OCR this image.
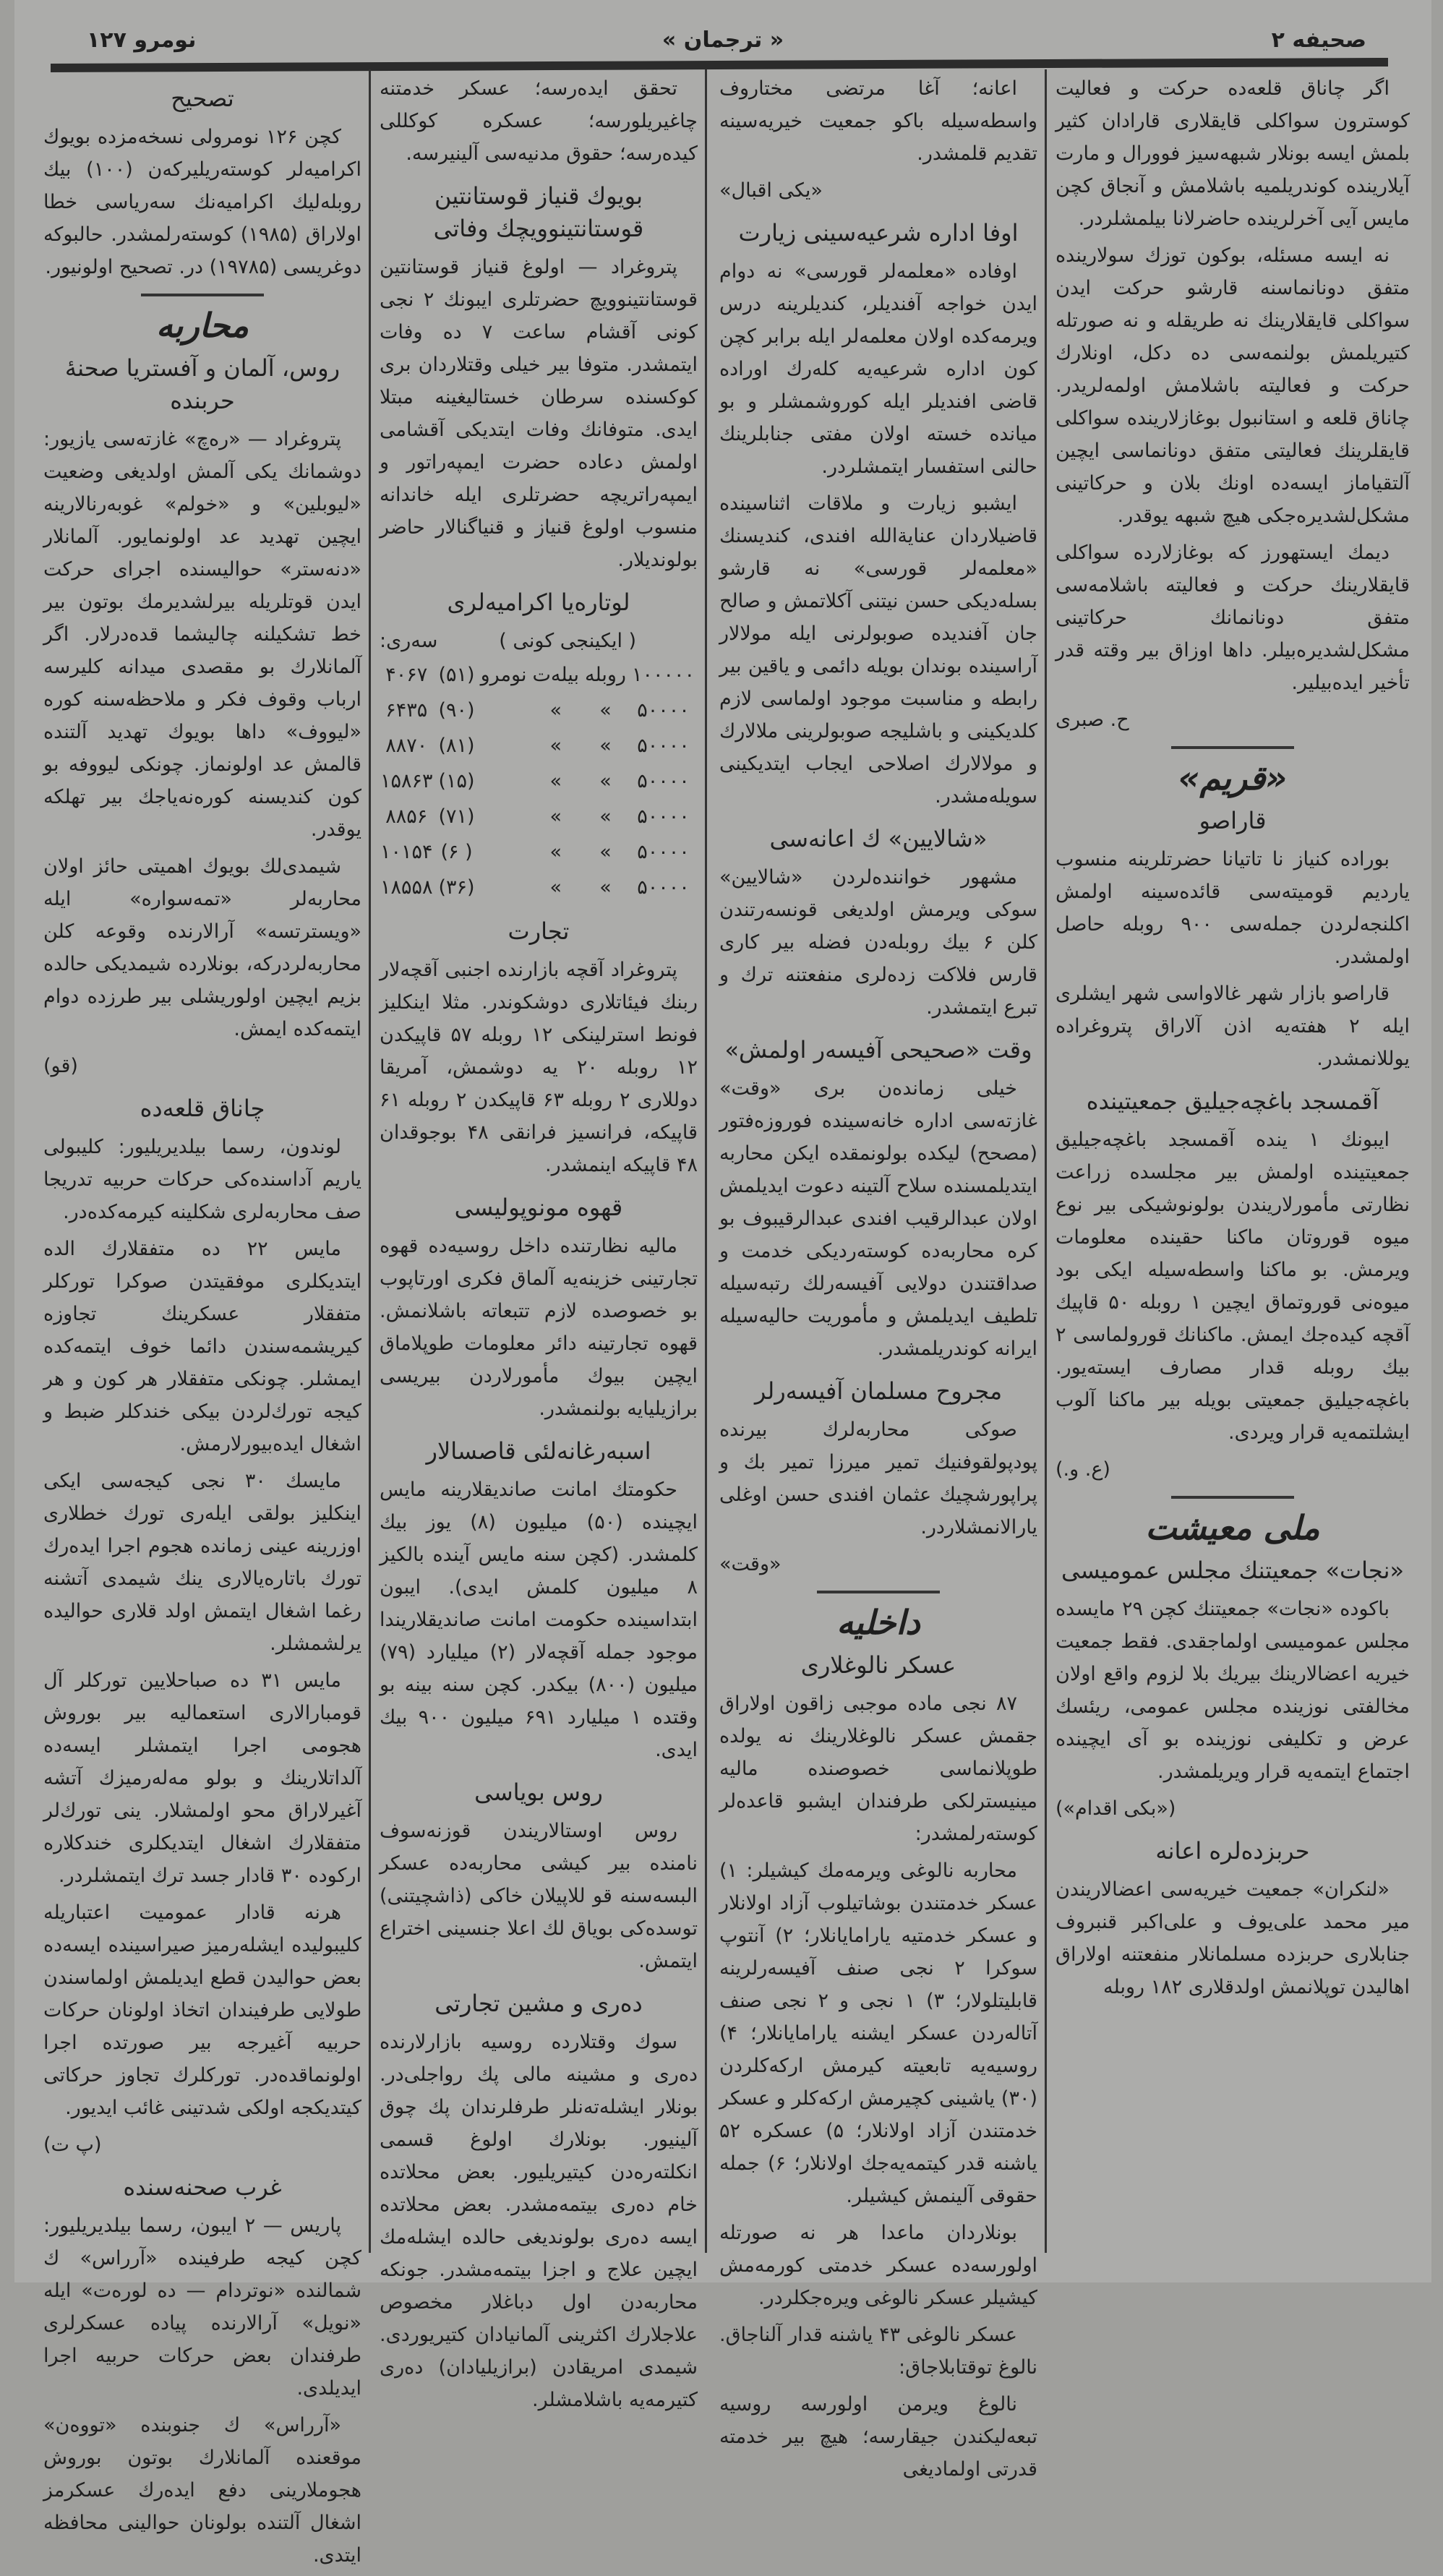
صحیفه ۲
« ترجمان »
نومرو ۱۲۷

اگر چاناق قلعه‌ده حرکت و فعالیت کوسترون سواکلی قایقلاری قارادان کثیر بلمش ایسه بونلار شبهه‌سیز فوورال و مارت آیلارینده کوندریلمیه باشلامش و آنجاق کچن مایس آیی آخرلرینده حاضرلانا بیلمشلردر.

نه ایسه مسئله، بوکون توزك سولارینده متفق دونانماسنه قارشو حرکت ایدن سواکلی قایقلارینك نه طریقله و نه صورتله کتیریلمش بولنمه‌سی ده دکل، اونلارك حرکت و فعالیته باشلامش اولمه‌لریدر. چاناق قلعه و استانبول بوغازلارینده سواکلی قایقلرینك فعالیتی متفق دونانماسی ایچین آلتقیاماز ایسه‌ده اونك بلان و حرکاتینی مشکل‌لشدیره‌جکی هیچ شبهه یوقدر.

دیمك ایستهورز که بوغازلارده سواکلی قایقلارینك حرکت و فعالیته باشلامه‌سی متفق دونانمانك حرکاتینی مشکل‌لشدیره‌بیلر. داها اوزاق بیر وقته قدر تأخیر ایده‌بیلیر.

ح. صبری
«قریم»
قاراصو

بوراده کنیاز نا تاتیانا حضرتلرینه منسوب یاردیم قومیته‌سی قائده‌سینه اولمش اکلنجه‌لردن جمله‌سی ۹۰۰ روبله حاصل اولمشدر.

قاراصو بازار شهر غالاواسی شهر ایشلری ایله ۲ هفته‌یه اذن آلاراق پتروغراده یوللانمشدر.

آقمسجد باغچه‌جیلیق جمعیتینده

ایبونك ۱ ینده آقمسجد باغچه‌جیلیق جمعیتینده اولمش بیر مجلسده زراعت نظارتی مأمورلاریندن بولونوشیکی بیر نوع میوه قوروتان ماکنا حقینده معلومات ویرمش. بو ماکنا واسطه‌سیله ایکی بود میوه‌نی قوروتماق ایچین ۱ روبله ۵۰ قاپیك آقچه کیده‌جك ایمش. ماکنانك قورولماسی ۲ بیك روبله قدار مصارف ایسته‌یور. باغچه‌جیلیق جمعیتی بویله بیر ماکنا آلوب ایشلتمه‌یه قرار ویردی.

(ع. و.)
ملی معیشت
«نجات» جمعیتنك مجلس عمومیسی

باکوده «نجات» جمعیتنك کچن ۲۹ مایسده مجلس عمومیسی اولماجقدی. فقط جمعیت خیریه اعضالارینك بیریك بلا لزوم واقع اولان مخالفتی نوزینده مجلس عمومی، ریئسك عرض و تکلیفی نوزینده بو آی ایچینده اجتماع ایتمه‌یه قرار ویریلمشدر.

(«بکی اقدام»)
حربزده‌لره اعانه

«لنکران» جمعیت خیریه‌سی اعضالاریندن میر محمد علی‌یوف و علی‌اکبر قنبروف جنابلاری حربزده مسلمانلار منفعتنه اولاراق اهالیدن توپلانمش اولدقلاری ۱۸۲ روبله

اعانه؛ آغا مرتضی مختاروف واسطه‌سیله باکو جمعیت خیریه‌سینه تقدیم قلمشدر.

«یکی اقبال»
اوفا اداره شرعیه‌سینی زیارت

اوفاده «معلمه‌لر قورسی» نه دوام ایدن خواجه آفندیلر، کندیلرینه درس ویرمه‌کده اولان معلمه‌لر ایله برابر کچن کون اداره شرعیه‌یه کله‌رك اوراده قاضی افندیلر ایله کوروشمشلر و بو میانده خسته اولان مفتی جنابلرینك حالنی استفسار ایتمشلردر.

ایشبو زیارت و ملاقات اثناسینده قاضیلاردان عنایةالله افندی، کندیسنك «معلمه‌لر قورسی» نه قارشو بسله‌دیکی حسن نیتنی آکلاتمش و صالح جان آفندیده صوبولرنی ایله مولالار آراسینده بوندان بویله دائمی و یاقین بیر رابطه و مناسبت موجود اولماسی لازم کلدیکینی و باشلیجه صوبولرینی ملالارك و مولالارك اصلاحی ایجاب ایتدیکینی سویله‌مشدر.

«شالایین» ك اعانه‌سی

مشهور خواننده‌لردن «شالایین» سوکی ویرمش اولدیغی قونسه‌رتندن کلن ۶ بیك روبله‌دن فضله بیر کاری قارس فلاکت زده‌لری منفعتنه ترك و تبرع ایتمشدر.

وقت «صحیحی آفیسه‌ر اولمش»

خیلی زمانده‌ن بری «وقت» غازته‌سی اداره خانه‌سینده فوروزه‌فتور (مصحح) لیکده بولونمقده ایکن محاربه ایتدیلمسنده سلاح آلتینه دعوت ایدیلمش اولان عبدالرقیب افندی عبدالرقیبوف بو کره محاربه‌ده کوسته‌ردیکی خدمت و صداقتندن دولایی آفیسه‌رلك رتبه‌سیله تلطیف ایدیلمش و مأموریت حالیه‌سیله ایرانه کوندریلمشدر.

مجروح مسلمان آفیسه‌رلر

صوکی محاربه‌لرك بیرنده پودپولقوفنیك تمیر میرزا تمیر بك و پراپورشچیك عثمان افندی حسن اوغلی یارالانمشلاردر.

«وقت»
داخلیه
عسکر نالوغلاری

۸۷ نجی ماده موجبی زاقون اولاراق جقمش عسکر نالوغلارینك نه یولده طوپلانماسی خصوصنده مالیه مینیسترلکی طرفندان ایشبو قاعده‌لر کوسته‌رلمشدر:

محاربه نالوغی ویرمه‌مك کیشیلر: ۱) عسکر خدمتندن بوشاتیلوب آزاد اولانلار و عسکر خدمتیه یارامایانلار؛ ۲) آنتوپ سوکرا ۲ نجی صنف آفیسه‌رلرینه قابلیتلولار؛ ۳) ۱ نجی و ۲ نجی صنف آتاله‌ردن عسکر ایشنه یارامایانلار؛ ۴) روسیه‌یه تابعیته کیرمش ارکه‌کلردن (۳۰) یاشینی کچیرمش ارکه‌کلر و عسکر خدمتندن آزاد اولانلار؛ ۵) عسکره ۵۲ یاشنه قدر کیتمه‌یه‌جك اولانلار؛ ۶) جمله حقوقی آلینمش کیشیلر.

بونلاردان ماعدا هر نه صورتله اولورسه‌ده عسکر خدمتی کورمه‌مش کیشیلر عسکر نالوغی ویره‌جکلردر.

عسکر نالوغی ۴۳ یاشنه قدار آلناجاق. نالوغ توقتابلاجاق:

نالوغ ویرمن اولورسه روسیه تبعه‌لیکندن جیقارسه؛ هیچ بیر خدمته قدرتی اولمادیغی

تحقق ایده‌رسه؛ عسکر خدمتنه چاغیریلورسه؛ عسکره کوکللی کیده‌رسه؛ حقوق مدنیه‌سی آلینیرسه.

بویوك قنیاز قوستانتین قوستانتینوویچك وفاتی

پتروغراد — اولوغ قنیاز قوستانتین قوستانتینوویچ حضرتلری ایبونك ۲ نجی کونی آقشام ساعت ۷ ده وفات ایتمشدر. متوفا بیر خیلی وقتلاردان بری کوکسنده سرطان خستالیغینه مبتلا ایدی. متوفانك وفات ایتدیکی آقشامی اولمش دعاده حضرت ایمپه‌راتور و ایمپه‌راتریچه حضرتلری ایله خاندانه منسوب اولوغ قنیاز و قنیاگنالار حاضر بولوندیلار.

لوتاره‌یا اکرامیه‌لری
( ایکینجی کونی )
سه‌ری:
۱۰۰۰۰۰	روبله	بیله‌ت	نومرو	(۵۱)	۴۰۶۷
۵۰۰۰۰	»	»		(۹۰)	۶۴۳۵
۵۰۰۰۰	»	»		(۸۱)	۸۸۷۰
۵۰۰۰۰	»	»		(۱۵)	۱۵۸۶۳
۵۰۰۰۰	»	»		(۷۱)	۸۸۵۶
۵۰۰۰۰	»	»		( ۶)	۱۰۱۵۴
۵۰۰۰۰	»	»		(۳۶)	۱۸۵۵۸
تجارت

پتروغراد آقچه بازارنده اجنبی آقچه‌لار ربنك فیئاتلاری دوشکوندر. مثلا اینکلیز فونط استرلینکی ۱۲ روبله ۵۷ قاپیکدن ۱۲ روبله ۲۰ یه دوشمش، آمریقا دوللاری ۲ روبله ۶۳ قاپیکدن ۲ روبله ۶۱ قاپیکه، فرانسیز فرانقی ۴۸ بوجوقدان ۴۸ قاپیکه اینمشدر.

قهوه مونوپولیسی

مالیه نظارتنده داخل روسیه‌ده قهوه تجارتینی خزینه‌یه آلماق فکری اورتاپوب بو خصوصده لازم تتبعاته باشلانمش. قهوه تجارتینه دائر معلومات طوپلاماق ایچین بیوك مأمورلاردن بیریسی برازیلیایه بولنمشدر.

اسبه‌رغانه‌لئی قاصسالار

حکومتك امانت صاندیقلارینه مایس ایچینده (۵۰) میلیون (۸) یوز بیك کلمشدر. (کچن سنه مایس آینده بالکیز ۸ میلیون کلمش ایدی). ایبون ابتداسینده حکومت امانت صاندیقلاریندا موجود جمله آقچه‌لار (۲) میلیارد (۷۹) میلیون (۸۰۰) بیکدر. کچن سنه بینه بو وقتده ۱ میلیارد ۶۹۱ میلیون ۹۰۰ بیك ایدی.

روس بویاسی

روس اوستالاریندن قوزنه‌سوف نامنده بیر کیشی محاربه‌ده عسکر البسه‌سنه قو للاپیلان خاکی (ذاشچیتنی) توسده‌کی بویاق لك اعلا جنسینی اختراع ایتمش.

ده‌ری و مشین تجارتی

سوك وقتلارده روسیه بازارلارنده دەری و مشینه مالی پك رواجلی‌در. بونلار ایشله‌ته‌نلر طرفلرندان پك چوق آلینیور. بونلارك اولوغ قسمی انکلته‌رەدن کیتیریلیور. بعض محلاتده خام دەری بیتمه‌مشدر. بعض محلاتده ایسه دەری بولوندیغی حالده ایشله‌مك ایچین علاج و اجزا بیتمه‌مشدر. جونکه محاربه‌دن اول دباغلار مخصوص علاجلارك اکثرینی آلمانیادان کتیریوردی. شیمدی امریقادن (برازیلیادان) دەری کتیرمه‌یه باشلامشلر.

تصحیح

کچن ۱۲۶ نومرولی نسخه‌مزده بویوك اکرامیه‌لر کوسته‌ریلیرکه‌ن (۱۰۰) بیك روبله‌لیك اکرامیه‌نك سه‌ریاسی خطا اولاراق (۱۹۸۵) کوسته‌رلمشدر. حالبوکه دوغریسی (۱۹۷۸۵) در. تصحیح اولونیور.

محاربه
روس، آلمان و آفستریا صحنهٔ حربنده

پتروغراد — «رەچ» غازته‌سی یازیور: دوشمانك یکی آلمش اولدیغی وضعیت «لیوبلین» و «خولم» غوبه‌رنالارینه ایچین تهدید عد اولونمایور. آلمانلار «دنه‌ستر» حوالیسنده اجرای حرکت ایدن قوتلریله بیرلشدیرمك بوتون بیر خط تشکیلنه چالیشما قده‌درلار. اگر آلمانلارك بو مقصدی میدانه کلیرسه ارباب وقوف فکر و ملاحظه‌سنه کوره «لیووف» داها بویوك تهدید آلتنده قالمش عد اولونماز. چونکی لیووفه بو کون کندیسنه کوره‌نه‌یاجك بیر تهلکه یوقدر.

شیمدی‌لك بویوك اهمیتی حائز اولان محاربه‌لر «تمه‌سواره» ایله «ویسترتسه» آرالارنده وقوعه کلن محاربه‌لردرکه، بونلارده شیمدیکی حالده بزیم ایچین اولوریشلی بیر طرزده دوام ایتمه‌کده ایمش.

(قو)
چاناق قلعه‌ده

لوندون، رسما بیلدیریلیور: کلیبولی یاریم آداسنده‌کی حرکات حربیه تدریجا صف محاربه‌لری شکلینه کیرمه‌کده‌در.

مایس ۲۲ ده متفقلارك الده ایتدیکلری موفقیتدن صوکرا توركلر متفقلار عسکرینك تجاوزه کیریشمه‌سندن دائما خوف ایتمه‌کده ایمشلر. چونکی متفقلار هر کون و هر کیجه تورك‌لردن بیکی خندکلر ضبط و اشغال ایده‌بیورلارمش.

مایسك ۳۰ نجی کیجه‌سی ایکی اینکلیز بولقی ایله‌ری تورك خطلاری اوزرینه عینی زمانده هجوم اجرا ایده‌رك تورك باتارەیالاری ینك شیمدی آتشنه رغما اشغال ایتمش اولد قلاری حوالیده یرلشمشلر.

مایس ۳۱ ده صباحلایین توركلر آل قومبارالاری استعمالیه بیر بوروش هجومی اجرا ایتمشلر ایسه‌ده آلداتلارینك و بولو مه‌له‌رمیزك آتشه آغیرلاراق محو اولمشلار. ینی تورك‌لر متفقلارك اشغال ایتدیکلری خندکلاره ارکوده ۳۰ قادار جسد ترك ایتمشلردر.

هرنه قادار عمومیت اعتباریله کلیبولیده ایشله‌رمیز صیراسینده ایسه‌ده بعض حوالیدن قطع ایدیلمش اولماسندن طولایی طرفیندان اتخاذ اولونان حرکات حربیه آغیرجه بیر صورتده اجرا اولونماقده‌در. توركلرك تجاوز حرکاتی کیتدیکجه اولکی شدتینی غائب ایدیور.

(پ ت)
غرب صحنه‌سنده

پاریس — ۲ ایبون، رسما بیلدیریلیور: کچن کیجه طرفینده «آرراس» ك شمالنده «نوتردام — ده لورەت» ایله «نویل» آرالارنده پیاده عسکرلری طرفندان بعض حرکات حربیه اجرا ایدیلدی.

«آرراس» ك جنوبنده «تووەن» موقعنده آلمانلارك بوتون بوروش هجوملارینی دفع ایده‌رك عسکرمز اشغال آلتنده بولونان حوالینی محافظه ایتدی.
